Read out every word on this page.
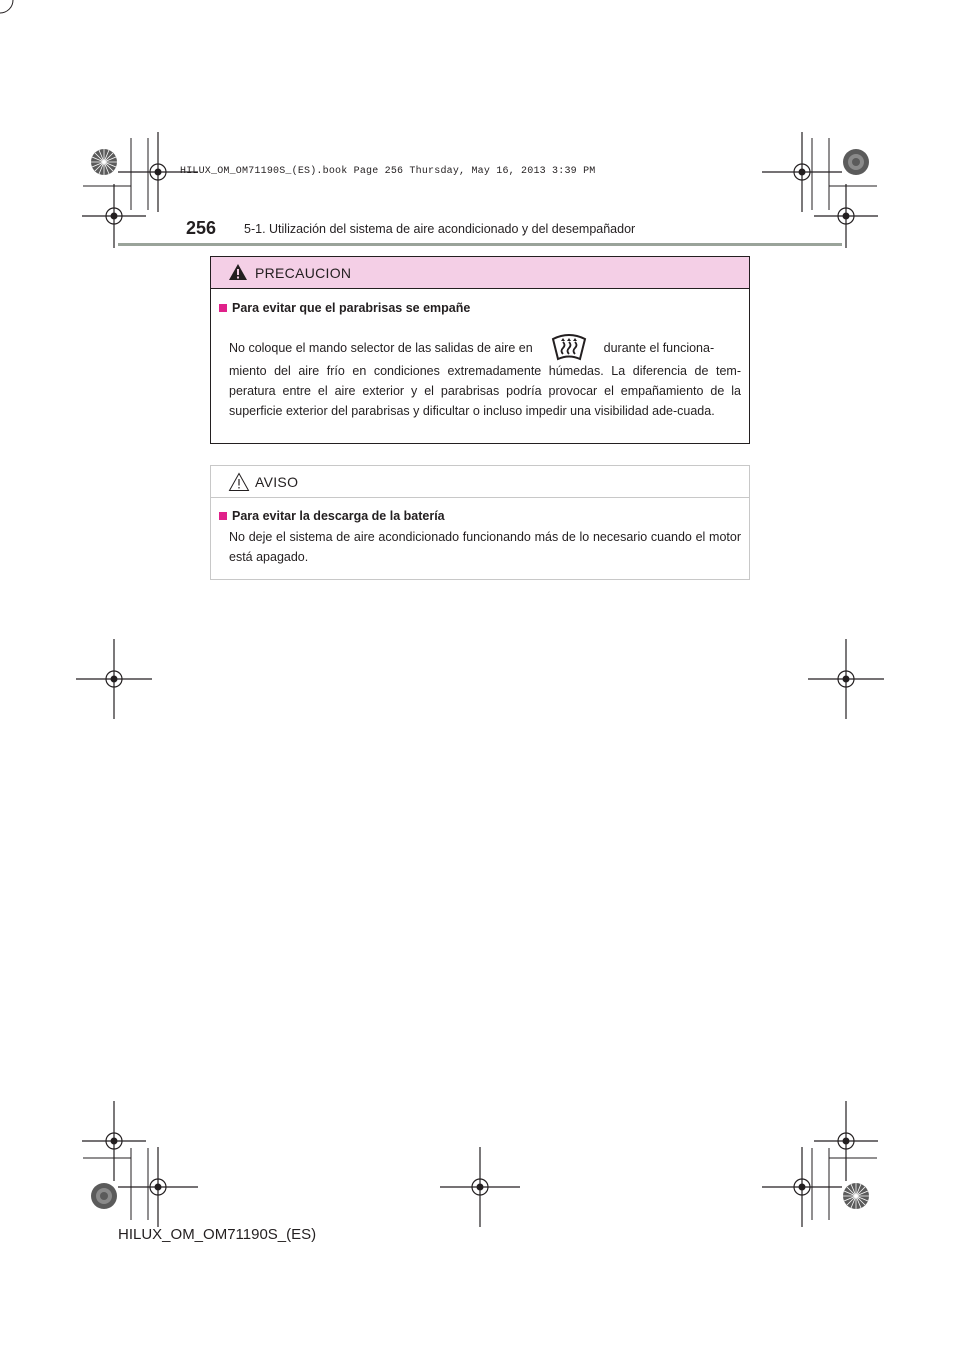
HILUX_OM_OM71190S_(ES).book Page 256 Thursday, May 16, 2013 3:39 PM
256 5-1. Utilización del sistema de aire acondicionado y del desempañador
PRECAUCION
Para evitar que el parabrisas se empañe
No coloque el mando selector de las salidas de aire en	durante el funciona-
miento del aire frío en condiciones extremadamente húmedas. La diferencia de tem-peratura entre el aire exterior y el parabrisas podría provocar el empañamiento de la superficie exterior del parabrisas y dificultar o incluso impedir una visibilidad ade-cuada.
AVISO
Para evitar la descarga de la batería
No deje el sistema de aire acondicionado funcionando más de lo necesario cuando el motor está apagado.
HILUX_OM_OM71190S_(ES)
